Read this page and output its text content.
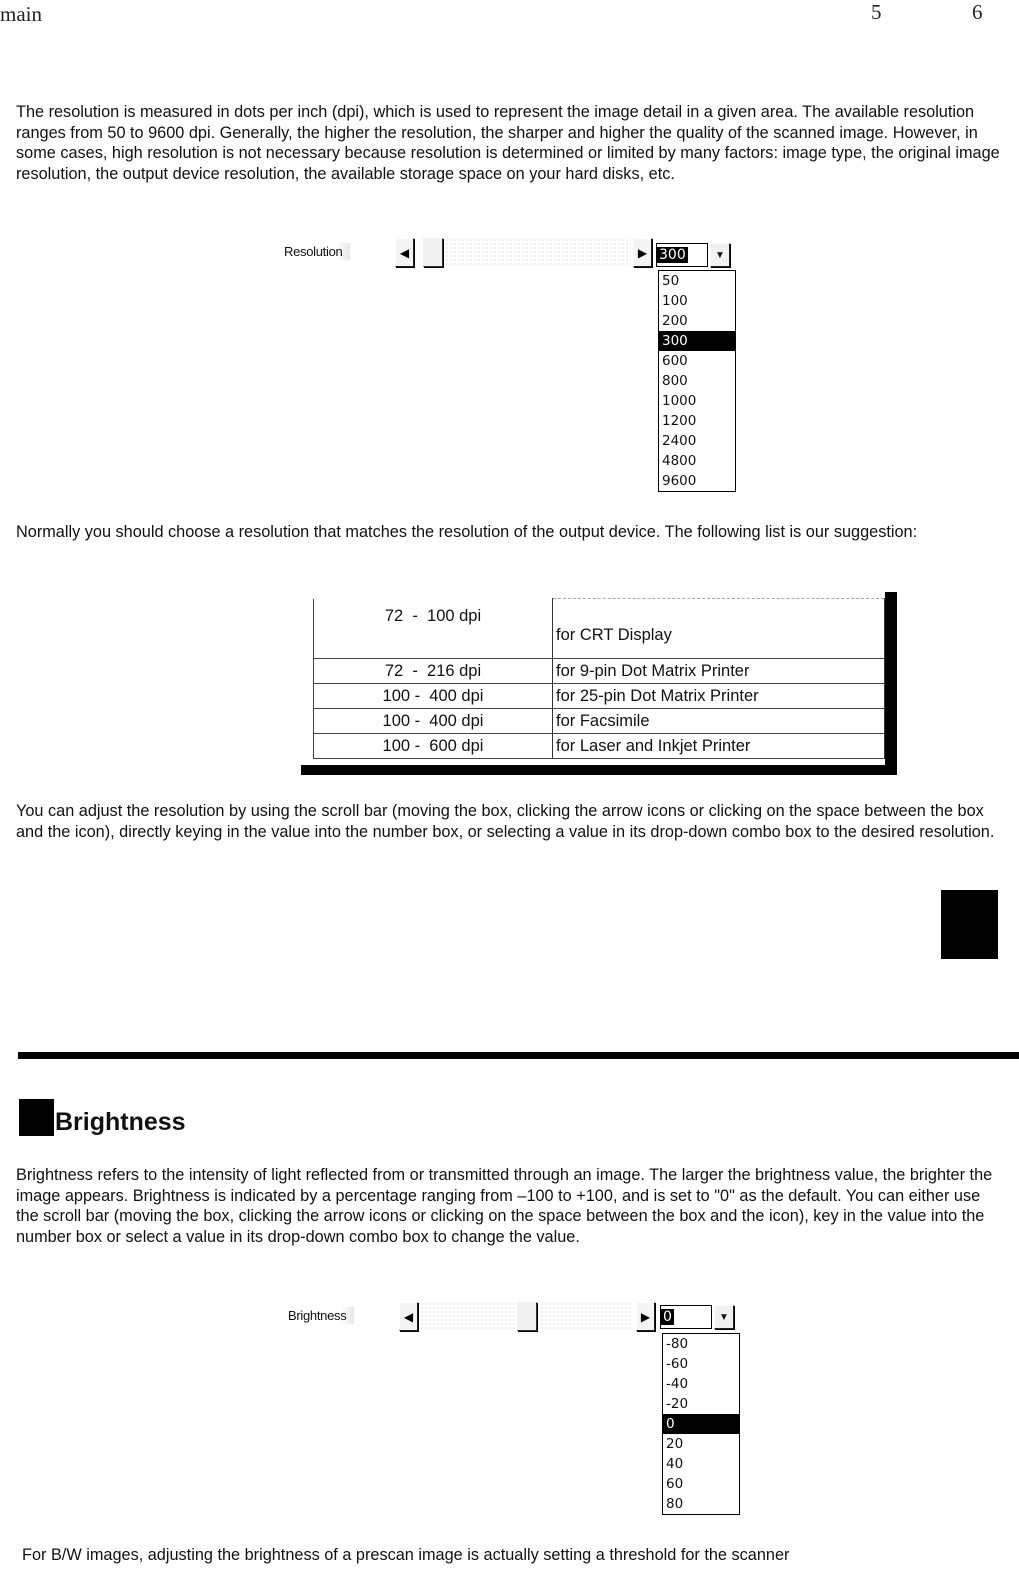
main	5	6
The resolution is measured in dots per inch (dpi), which is used to represent the image detail in a given area. The available resolution ranges from 50 to 9600 dpi. Generally, the higher the resolution, the sharper and higher the quality of the scanned image. However, in some cases, high resolution is not necessary because resolution is determined or limited by many factors: image type, the original image resolution, the output device resolution, the available storage space on your hard disks, etc.
Resolution	◀	▶ 300	▼
50
100
200
300
600
800
1000
1200
2400
4800
9600
Normally you should choose a resolution that matches the resolution of the output device. The following list is our suggestion:
72  -  100 dpi	for CRT Display
72  -  216 dpi	for 9-pin Dot Matrix Printer
100 -  400 dpi	for 25-pin Dot Matrix Printer
100 -  400 dpi	for Facsimile
100 -  600 dpi	for Laser and Inkjet Printer
You can adjust the resolution by using the scroll bar (moving the box, clicking the arrow icons or clicking on the space between the box and the icon), directly keying in the value into the number box, or selecting a value in its drop-down combo box to the desired resolution.
Brightness
Brightness refers to the intensity of light reflected from or transmitted through an image. The larger the brightness value, the brighter the image appears. Brightness is indicated by a percentage ranging from –100 to +100, and is set to "0" as the default. You can either use the scroll bar (moving the box, clicking the arrow icons or clicking on the space between the box and the icon), key in the value into the number box or select a value in its drop-down combo box to change the value.
Brightness	◀	▶ 0	▼
-80
-60
-40
-20
0
20
40
60
80
For B/W images, adjusting the brightness of a prescan image is actually setting a threshold for the scanner
